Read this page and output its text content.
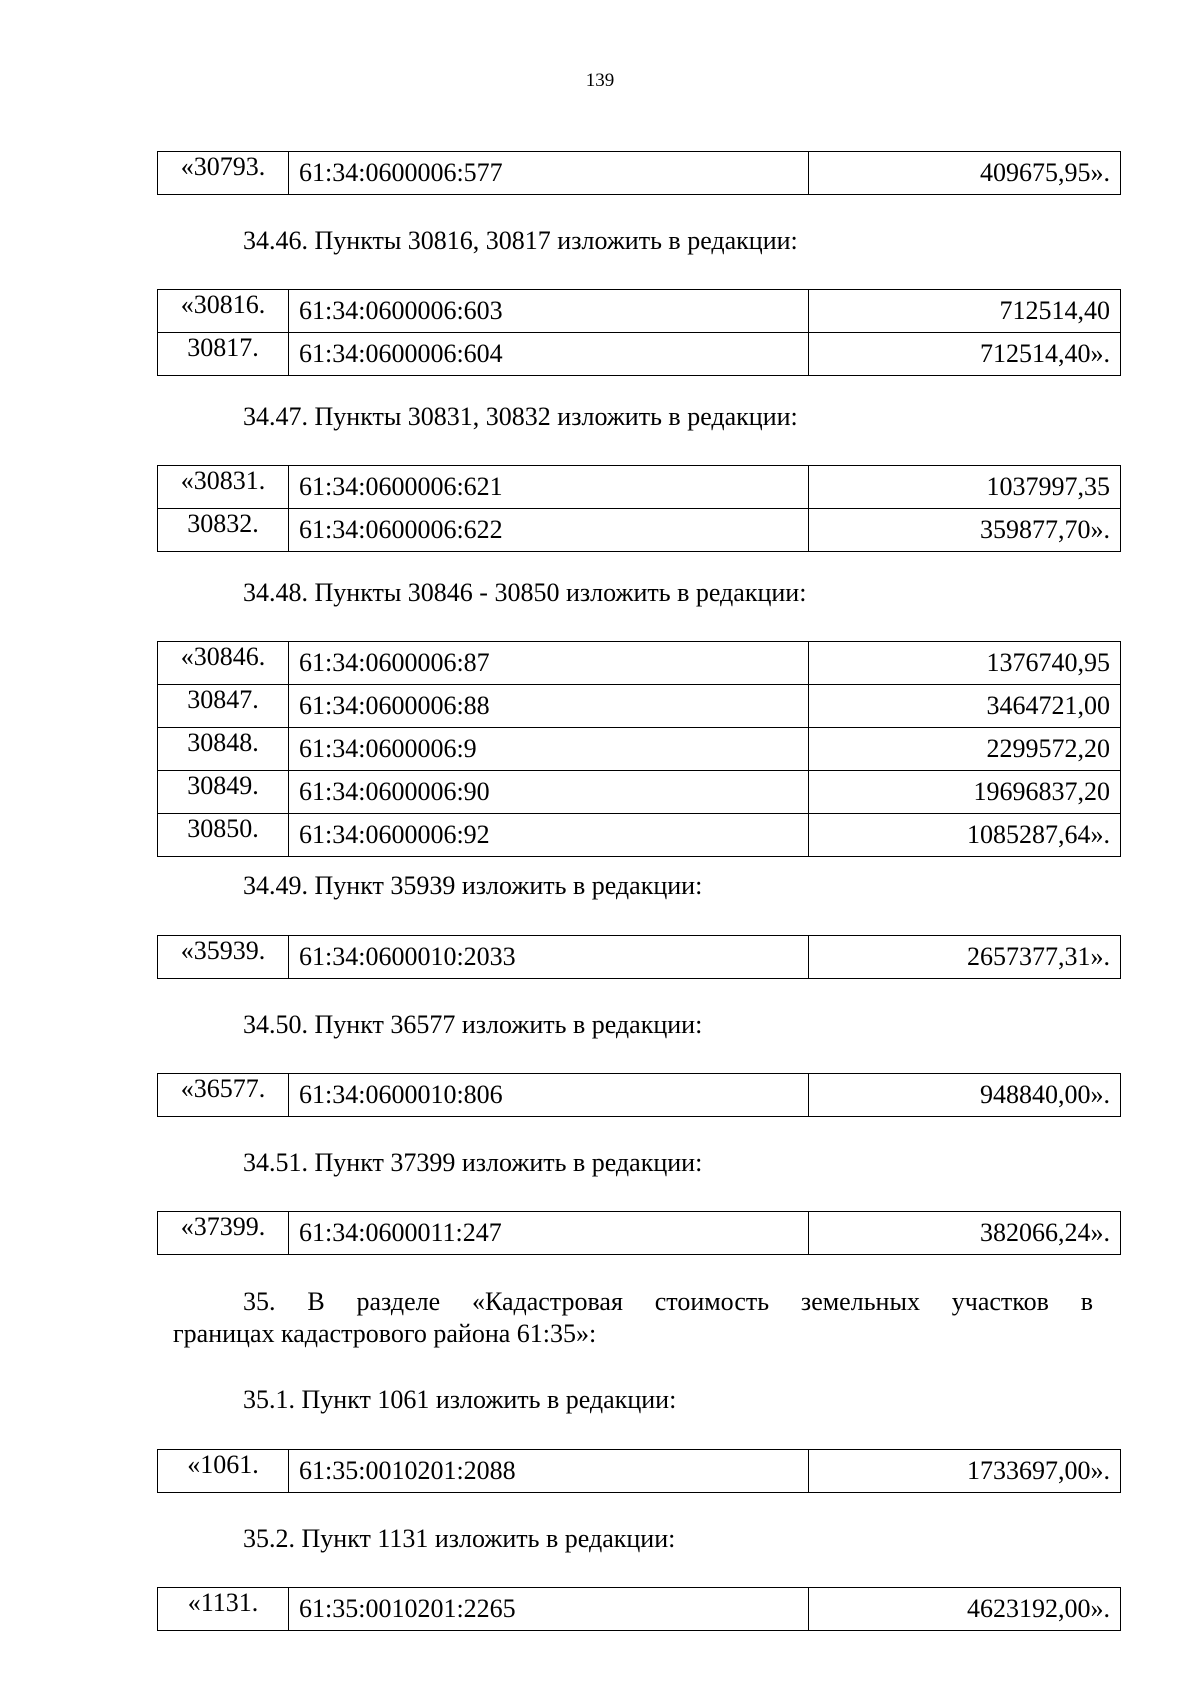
139
«30793.	61:34:0600006:577	409675,95».
34.46. Пункты 30816, 30817 изложить в редакции:
«30816.	61:34:0600006:603	712514,40
30817.	61:34:0600006:604	712514,40».
34.47. Пункты 30831, 30832 изложить в редакции:
«30831.	61:34:0600006:621	1037997,35
30832.	61:34:0600006:622	359877,70».
34.48. Пункты 30846 - 30850 изложить в редакции:
«30846.	61:34:0600006:87	1376740,95
30847.	61:34:0600006:88	3464721,00
30848.	61:34:0600006:9	2299572,20
30849.	61:34:0600006:90	19696837,20
30850.	61:34:0600006:92	1085287,64».
34.49. Пункт 35939 изложить в редакции:
«35939.	61:34:0600010:2033	2657377,31».
34.50. Пункт 36577 изложить в редакции:
«36577.	61:34:0600010:806	948840,00».
34.51. Пункт 37399 изложить в редакции:
«37399.	61:34:0600011:247	382066,24».
35. В разделе «Кадастровая стоимость земельных участков в
границах кадастрового района 61:35»:
35.1. Пункт 1061 изложить в редакции:
«1061.	61:35:0010201:2088	1733697,00».
35.2. Пункт 1131 изложить в редакции:
«1131.	61:35:0010201:2265	4623192,00».
